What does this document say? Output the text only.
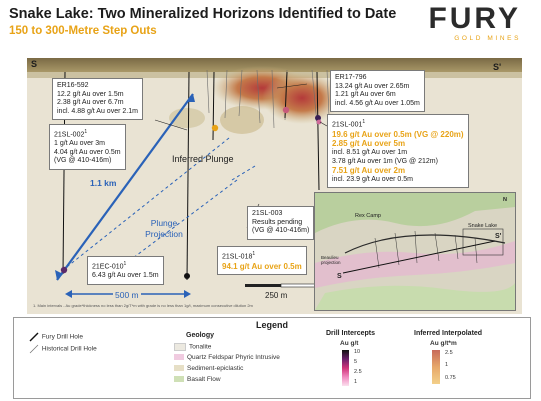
Snake Lake: Two Mineralized Horizons Identified to Date
150 to 300-Metre Step Outs	FURY
GOLD MINES
S	S'
1.1 km
Inferred Plunge
Plunge Projection
500 m	250 m
ER16-592
12.2 g/t Au over 1.5m
2.38 g/t Au over 6.7m
incl. 4.88 g/t Au over 2.1m
ER17-796
13.24 g/t Au over 2.65m
1.21 g/t Au over 6m
incl. 4.56 g/t Au over 1.05m
$21SL-002^1$
1 g/t Au over 3m
4.04 g/t Au over 0.5m
(VG @ 410-416m)
$21SL-001^1$
19.6 g/t Au over 0.5m (VG @ 220m)
2.85 g/t Au over 5m
incl. 8.51 g/t Au over 1m
3.78 g/t Au over 1m (VG @ 212m)
7.51 g/t Au over 2m
incl. 23.9 g/t Au over 0.5m
21SL-003
Results pending
(VG @ 410-416m)
$21SL-018^1$
94.1 g/t Au over 0.5m
$21EC-010^1$
6.43 g/t Au over 1.5m
Rex Camp
Snake Lake
S
S'
Beaulieu projection
N
1. Main intervals - Au grade*thickness no less than 2g/T*m with grade is no less than 1g/t, maximum consecutive dilution 2m
Legend
Fury Drill Hole
Historical Drill Hole
Geology
Tonalite
Quartz Feldspar Phyric Intrusive
Sediment-epiclastic
Basalt Flow
Drill Intercepts
Au g/t
10
5
2.5
1
Inferred Interpolated
Au g/t*m
2.5
1
0.75
